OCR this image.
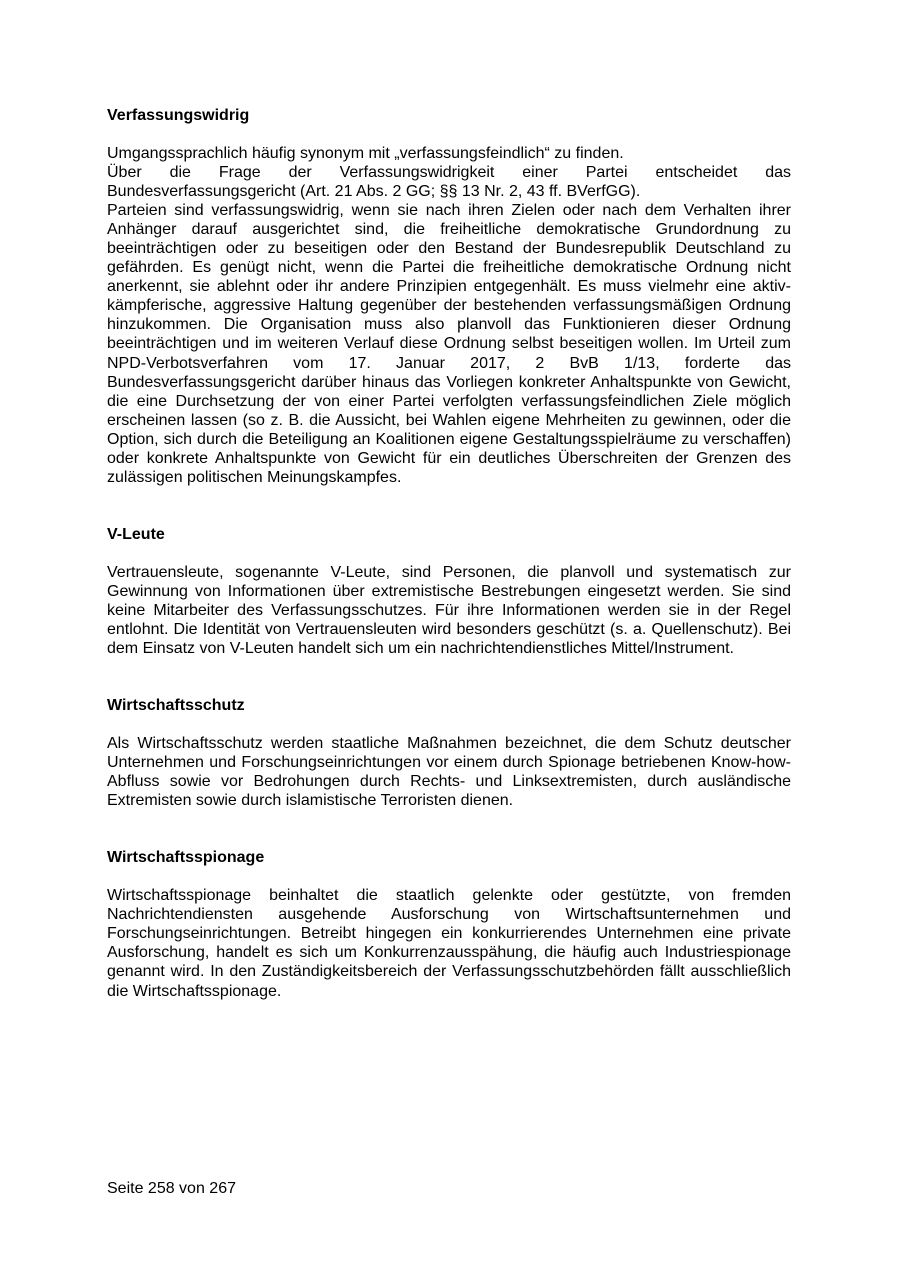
Verfassungswidrig

Umgangssprachlich häufig synonym mit „verfassungsfeindlich“ zu finden.

Über die Frage der Verfassungswidrigkeit einer Partei entscheidet das Bundesverfassungsgericht (Art. 21 Abs. 2 GG; §§ 13 Nr. 2, 43 ff. BVerfGG).

Parteien sind verfassungswidrig, wenn sie nach ihren Zielen oder nach dem Verhalten ihrer Anhänger darauf ausgerichtet sind, die freiheitliche demokratische Grundordnung zu beeinträchtigen oder zu beseitigen oder den Bestand der Bundesrepublik Deutschland zu gefährden. Es genügt nicht, wenn die Partei die freiheitliche demokratische Ordnung nicht anerkennt, sie ablehnt oder ihr andere Prinzipien entgegenhält. Es muss vielmehr eine aktiv-kämpferische, aggressive Haltung gegenüber der bestehenden verfassungsmäßigen Ordnung hinzukommen. Die Organisation muss also planvoll das Funktionieren dieser Ordnung beeinträchtigen und im weiteren Verlauf diese Ordnung selbst beseitigen wollen. Im Urteil zum NPD-Verbotsverfahren vom 17. Januar 2017, 2 BvB 1/13, forderte das Bundesverfassungsgericht darüber hinaus das Vorliegen konkreter Anhaltspunkte von Gewicht, die eine Durchsetzung der von einer Partei verfolgten verfassungsfeindlichen Ziele möglich erscheinen lassen (so z. B. die Aussicht, bei Wahlen eigene Mehrheiten zu gewinnen, oder die Option, sich durch die Beteiligung an Koalitionen eigene Gestaltungsspielräume zu verschaffen) oder konkrete Anhaltspunkte von Gewicht für ein deutliches Überschreiten der Grenzen des zulässigen politischen Meinungskampfes.

V-Leute

Vertrauensleute, sogenannte V-Leute, sind Personen, die planvoll und systematisch zur Gewinnung von Informationen über extremistische Bestrebungen eingesetzt werden. Sie sind keine Mitarbeiter des Verfassungsschutzes. Für ihre Informationen werden sie in der Regel entlohnt. Die Identität von Vertrauensleuten wird besonders geschützt (s. a. Quellenschutz). Bei dem Einsatz von V-Leuten handelt sich um ein nachrichtendienstliches Mittel/Instrument.

Wirtschaftsschutz

Als Wirtschaftsschutz werden staatliche Maßnahmen bezeichnet, die dem Schutz deutscher Unternehmen und Forschungseinrichtungen vor einem durch Spionage betriebenen Know-how-Abfluss sowie vor Bedrohungen durch Rechts- und Linksextremisten, durch ausländische Extremisten sowie durch islamistische Terroristen dienen.

Wirtschaftsspionage

Wirtschaftsspionage beinhaltet die staatlich gelenkte oder gestützte, von fremden Nachrichtendiensten ausgehende Ausforschung von Wirtschaftsunternehmen und Forschungseinrichtungen. Betreibt hingegen ein konkurrierendes Unternehmen eine private Ausforschung, handelt es sich um Konkurrenzausspähung, die häufig auch Industriespionage genannt wird. In den Zuständigkeitsbereich der Verfassungsschutzbehörden fällt ausschließlich die Wirtschaftsspionage.

Seite 258 von 267
